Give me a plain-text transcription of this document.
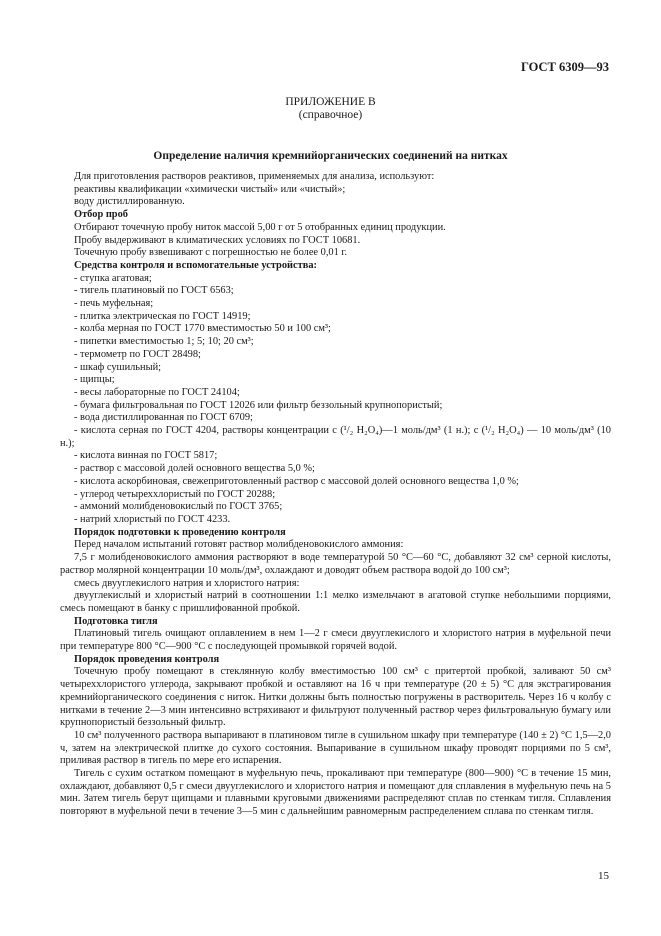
ГОСТ 6309—93
ПРИЛОЖЕНИЕ В
(справочное)
Определение наличия кремнийорганических соединений на нитках

Для приготовления растворов реактивов, применяемых для анализа, используют:

реактивы квалификации «химически чистый» или «чистый»;

воду дистиллированную.

Отбор проб

Отбирают точечную пробу ниток массой 5,00 г от 5 отобранных единиц продукции.

Пробу выдерживают в климатических условиях по ГОСТ 10681.

Точечную пробу взвешивают с погрешностью не более 0,01 г.

Средства контроля и вспомогательные устройства:

- ступка агатовая;

- тигель платиновый по ГОСТ 6563;

- печь муфельная;

- плитка электрическая по ГОСТ 14919;

- колба мерная по ГОСТ 1770 вместимостью 50 и 100 см³;

- пипетки вместимостью 1; 5; 10; 20 см³;

- термометр по ГОСТ 28498;

- шкаф сушильный;

- щипцы;

- весы лабораторные по ГОСТ 24104;

- бумага фильтровальная по ГОСТ 12026 или фильтр беззольный крупнопористый;

- вода дистиллированная по ГОСТ 6709;

- кислота серная по ГОСТ 4204, растворы концентрации с (¹/₂ H₂O₄)—1 моль/дм³ (1 н.); с (¹/₂ H₂O₄) — 10 моль/дм³ (10 н.);

- кислота винная по ГОСТ 5817;

- раствор с массовой долей основного вещества 5,0 %;

- кислота аскорбиновая, свежеприготовленный раствор с массовой долей основного вещества 1,0 %;

- углерод четыреххлористый по ГОСТ 20288;

- аммоний молибденовокислый по ГОСТ 3765;

- натрий хлористый по ГОСТ 4233.

Порядок подготовки к проведению контроля

Перед началом испытаний готовят раствор молибденовокислого аммония:

7,5 г молибденовокислого аммония растворяют в воде температурой 50 °С—60 °С, добавляют 32 см³ серной кислоты, раствор молярной концентрации 10 моль/дм³, охлаждают и доводят объем раствора водой до 100 см³;

смесь двууглекислого натрия и хлористого натрия:

двууглекислый и хлористый натрий в соотношении 1:1 мелко измельчают в агатовой ступке небольшими порциями, смесь помещают в банку с пришлифованной пробкой.

Подготовка тигля

Платиновый тигель очищают оплавлением в нем 1—2 г смеси двууглекислого и хлористого натрия в муфельной печи при температуре 800 °С—900 °С с последующей промывкой горячей водой.

Порядок проведения контроля

Точечную пробу помещают в стеклянную колбу вместимостью 100 см³ с притертой пробкой, заливают 50 см³ четыреххлористого углерода, закрывают пробкой и оставляют на 16 ч при температуре (20 ± 5) °С для экстрагирования кремнийорганического соединения с ниток. Нитки должны быть полностью погружены в растворитель. Через 16 ч колбу с нитками в течение 2—3 мин интенсивно встряхивают и фильтруют полученный раствор через фильтровальную бумагу или крупнопористый беззольный фильтр.

10 см³ полученного раствора выпаривают в платиновом тигле в сушильном шкафу при температуре (140 ± 2) °С 1,5—2,0 ч, затем на электрической плитке до сухого состояния. Выпаривание в сушильном шкафу проводят порциями по 5 см³, приливая раствор в тигель по мере его испарения.

Тигель с сухим остатком помещают в муфельную печь, прокаливают при температуре (800—900) °С в течение 15 мин, охлаждают, добавляют 0,5 г смеси двууглекислого и хлористого натрия и помещают для сплавления в муфельную печь на 5 мин. Затем тигель берут щипцами и плавными круговыми движениями распределяют сплав по стенкам тигля. Сплавления повторяют в муфельной печи в течение 3—5 мин с дальнейшим равномерным распределением сплава по стенкам тигля.

15
